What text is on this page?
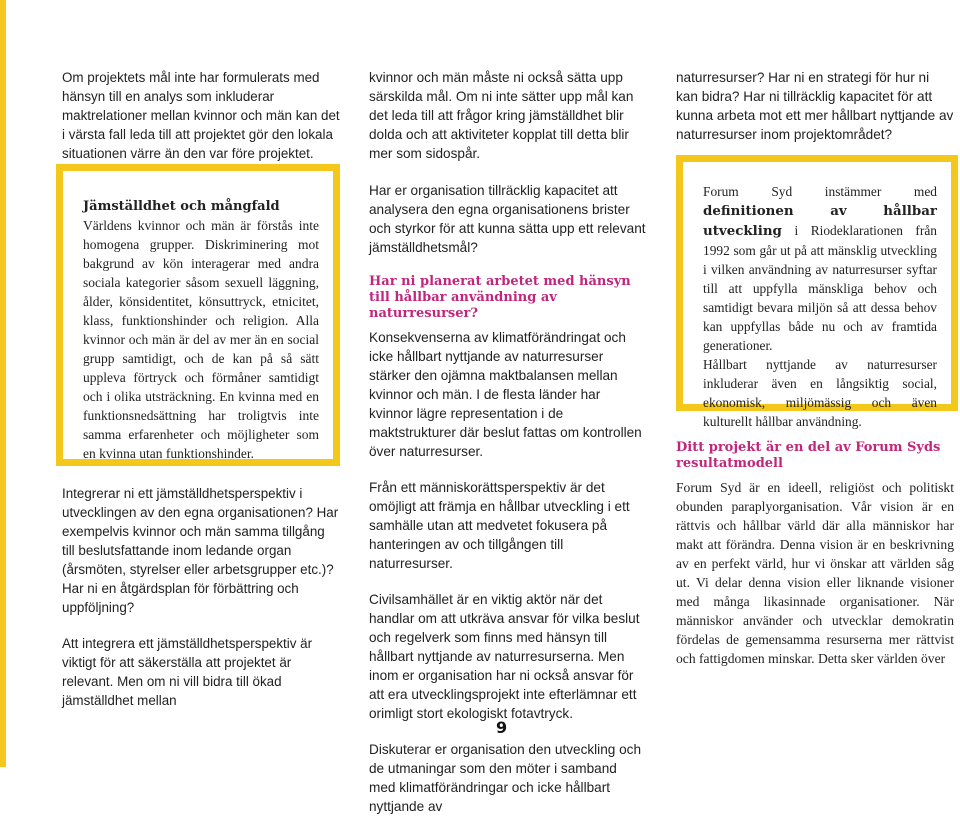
Om projektets mål inte har formulerats med hänsyn till en analys som inkluderar maktrelationer mellan kvinnor och män kan det i värsta fall leda till att projektet gör den lokala situationen värre än den var före projektet.

Jämställdhet och mångfald

Världens kvinnor och män är förstås inte homogena grupper. Diskriminering mot bakgrund av kön interagerar med andra sociala kategorier såsom sexuell läggning, ålder, könsidentitet, könsuttryck, etnicitet, klass, funktionshinder och religion. Alla kvinnor och män är del av mer än en social grupp samtidigt, och de kan på så sätt uppleva förtryck och förmåner samtidigt och i olika utsträckning. En kvinna med en funktionsnedsättning har troligtvis inte samma erfarenheter och möjligheter som en kvinna utan funktionshinder.

Integrerar ni ett jämställdhetsperspektiv i utvecklingen av den egna organisationen? Har exempelvis kvinnor och män samma tillgång till beslutsfattande inom ledande organ (årsmöten, styrelser eller arbetsgrupper etc.)? Har ni en åtgärdsplan för förbättring och uppföljning?

Att integrera ett jämställdhetsperspektiv är viktigt för att säkerställa att projektet är relevant. Men om ni vill bidra till ökad jämställdhet mellan

kvinnor och män måste ni också sätta upp särskilda mål. Om ni inte sätter upp mål kan det leda till att frågor kring jämställdhet blir dolda och att aktiviteter kopplat till detta blir mer som sidospår.

Har er organisation tillräcklig kapacitet att analysera den egna organisationens brister och styrkor för att kunna sätta upp ett relevant jämställdhetsmål?

Har ni planerat arbetet med hänsyn till hållbar användning av naturresurser?

Konsekvenserna av klimatförändringat och icke hållbart nyttjande av naturresurser stärker den ojämna maktbalansen mellan kvinnor och män. I de flesta länder har kvinnor lägre representation i de maktstrukturer där beslut fattas om kontrollen över naturresurser.

Från ett människorättsperspektiv är det omöjligt att främja en hållbar utveckling i ett samhälle utan att medvetet fokusera på hanteringen av och tillgången till naturresurser.

Civilsamhället är en viktig aktör när det handlar om att utkräva ansvar för vilka beslut och regelverk som finns med hänsyn till hållbart nyttjande av naturresurserna. Men inom er organisation har ni också ansvar för att era utvecklingsprojekt inte efterlämnar ett orimligt stort ekologiskt fotavtryck.

Diskuterar er organisation den utveckling och de utmaningar som den möter i samband med klimatförändringar och icke hållbart nyttjande av

naturresurser? Har ni en strategi för hur ni kan bidra? Har ni tillräcklig kapacitet för att kunna arbeta mot ett mer hållbart nyttjande av naturresurser inom projektområdet?

Forum Syd instämmer med definitionen av hållbar utveckling i Riodeklarationen från 1992 som går ut på att mänsklig utveckling i vilken användning av naturresurser syftar till att uppfylla mänskliga behov och samtidigt bevara miljön så att dessa behov kan uppfyllas både nu och av framtida generationer.

Hållbart nyttjande av naturresurser inkluderar även en långsiktig social, ekonomisk, miljömässig och även kulturellt hållbar användning.

Ditt projekt är en del av Forum Syds resultatmodell

Forum Syd är en ideell, religiöst och politiskt obunden paraplyorganisation. Vår vision är en rättvis och hållbar värld där alla människor har makt att förändra. Denna vision är en beskrivning av en perfekt värld, hur vi önskar att världen såg ut. Vi delar denna vision eller liknande visioner med många likasinnade organisationer. När människor använder och utvecklar demokratin fördelas de gemensamma resurserna mer rättvist och fattigdomen minskar. Detta sker världen över

9
